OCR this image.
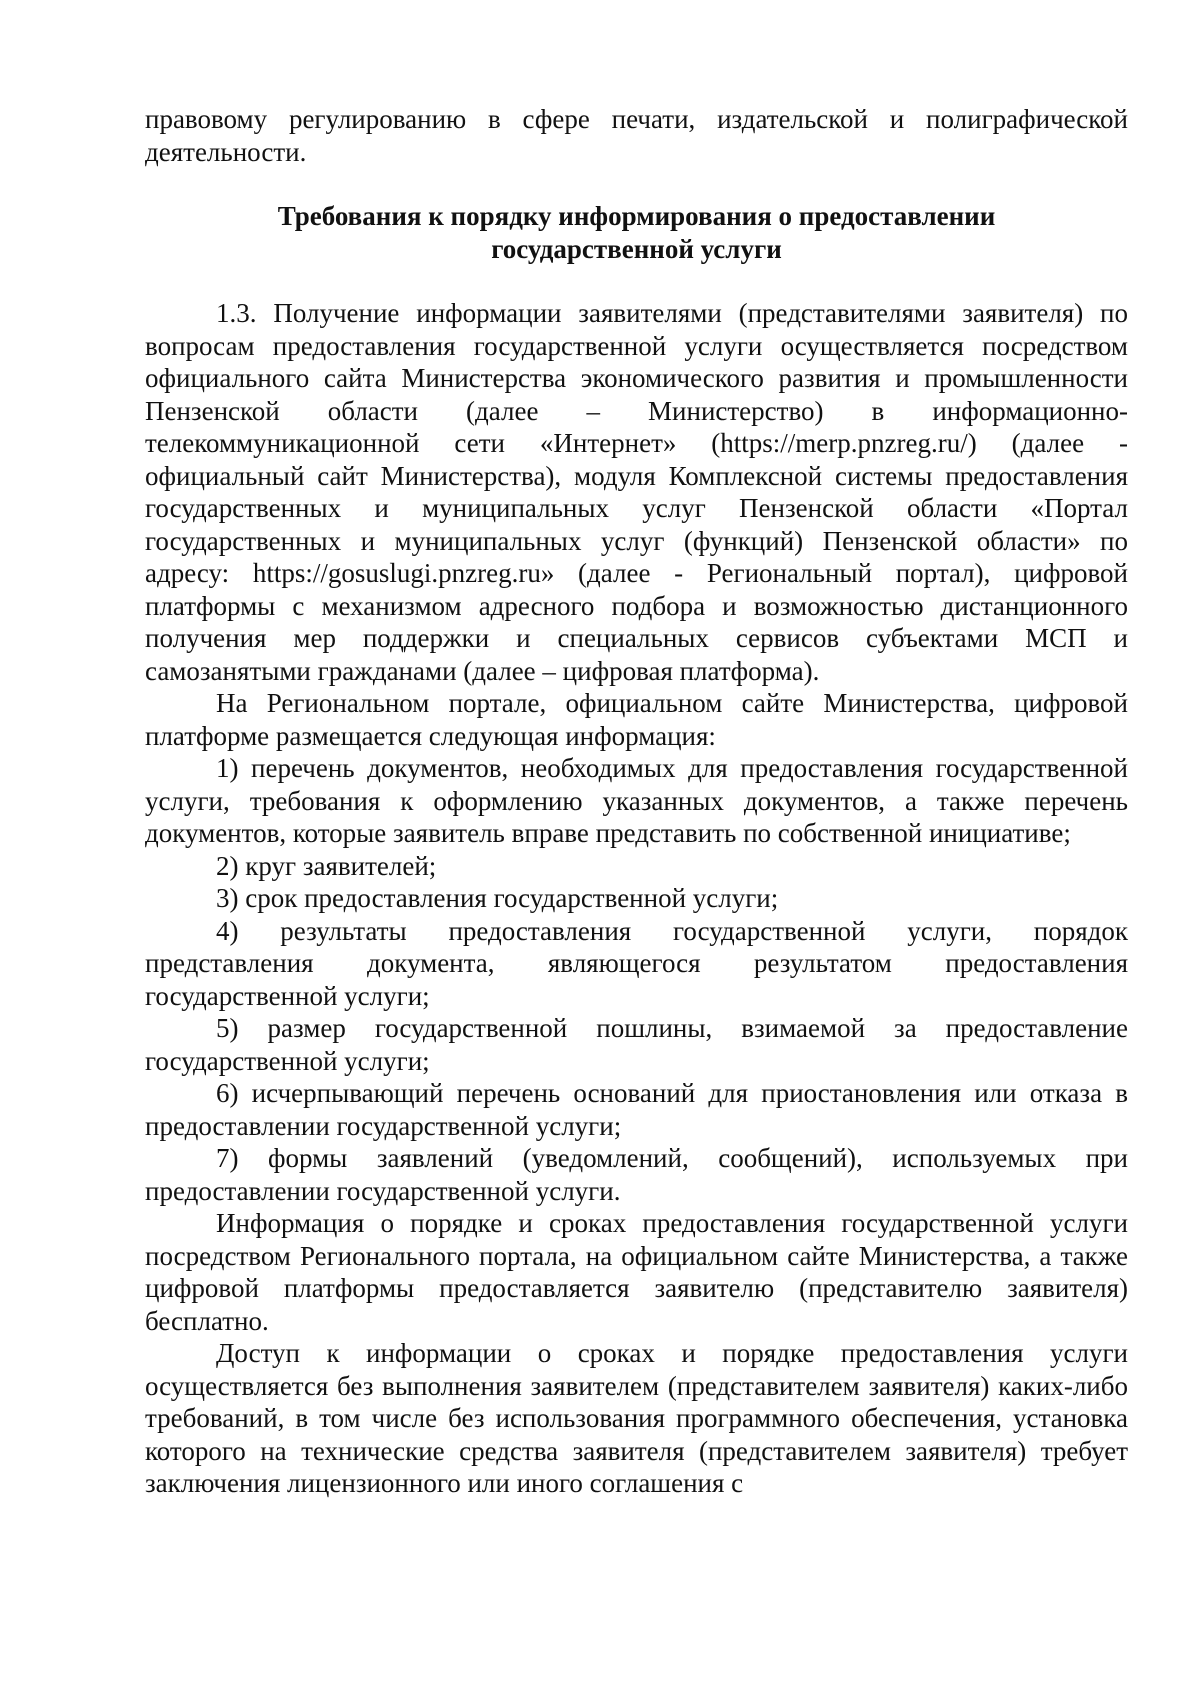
правовому регулированию в сфере печати, издательской и полиграфической деятельности.

Требования к порядку информирования о предоставлении
государственной услуги

1.3. Получение информации заявителями (представителями заявителя) по вопросам предоставления государственной услуги осуществляется посредством официального сайта Министерства экономического развития и промышленности Пензенской области (далее – Министерство) в информационно-телекоммуникационной сети «Интернет» (https://merp.pnzreg.ru/) (далее - официальный сайт Министерства), модуля Комплексной системы предоставления государственных и муниципальных услуг Пензенской области «Портал государственных и муниципальных услуг (функций) Пензенской области» по адресу: https://gosuslugi.pnzreg.ru» (далее - Региональный портал), цифровой платформы с механизмом адресного подбора и возможностью дистанционного получения мер поддержки и специальных сервисов субъектами МСП и самозанятыми гражданами (далее – цифровая платформа).

На Региональном портале, официальном сайте Министерства, цифровой платформе размещается следующая информация:

1) перечень документов, необходимых для предоставления государственной услуги, требования к оформлению указанных документов, а также перечень документов, которые заявитель вправе представить по собственной инициативе;

2) круг заявителей;

3) срок предоставления государственной услуги;

4) результаты предоставления государственной услуги, порядок представления документа, являющегося результатом предоставления государственной услуги;

5) размер государственной пошлины, взимаемой за предоставление государственной услуги;

6) исчерпывающий перечень оснований для приостановления или отказа в предоставлении государственной услуги;

7) формы заявлений (уведомлений, сообщений), используемых при предоставлении государственной услуги.

Информация о порядке и сроках предоставления государственной услуги посредством Регионального портала, на официальном сайте Министерства, а также цифровой платформы предоставляется заявителю (представителю заявителя) бесплатно.

Доступ к информации о сроках и порядке предоставления услуги осуществляется без выполнения заявителем (представителем заявителя) каких-либо требований, в том числе без использования программного обеспечения, установка которого на технические средства заявителя (представителем заявителя) требует заключения лицензионного или иного соглашения с
